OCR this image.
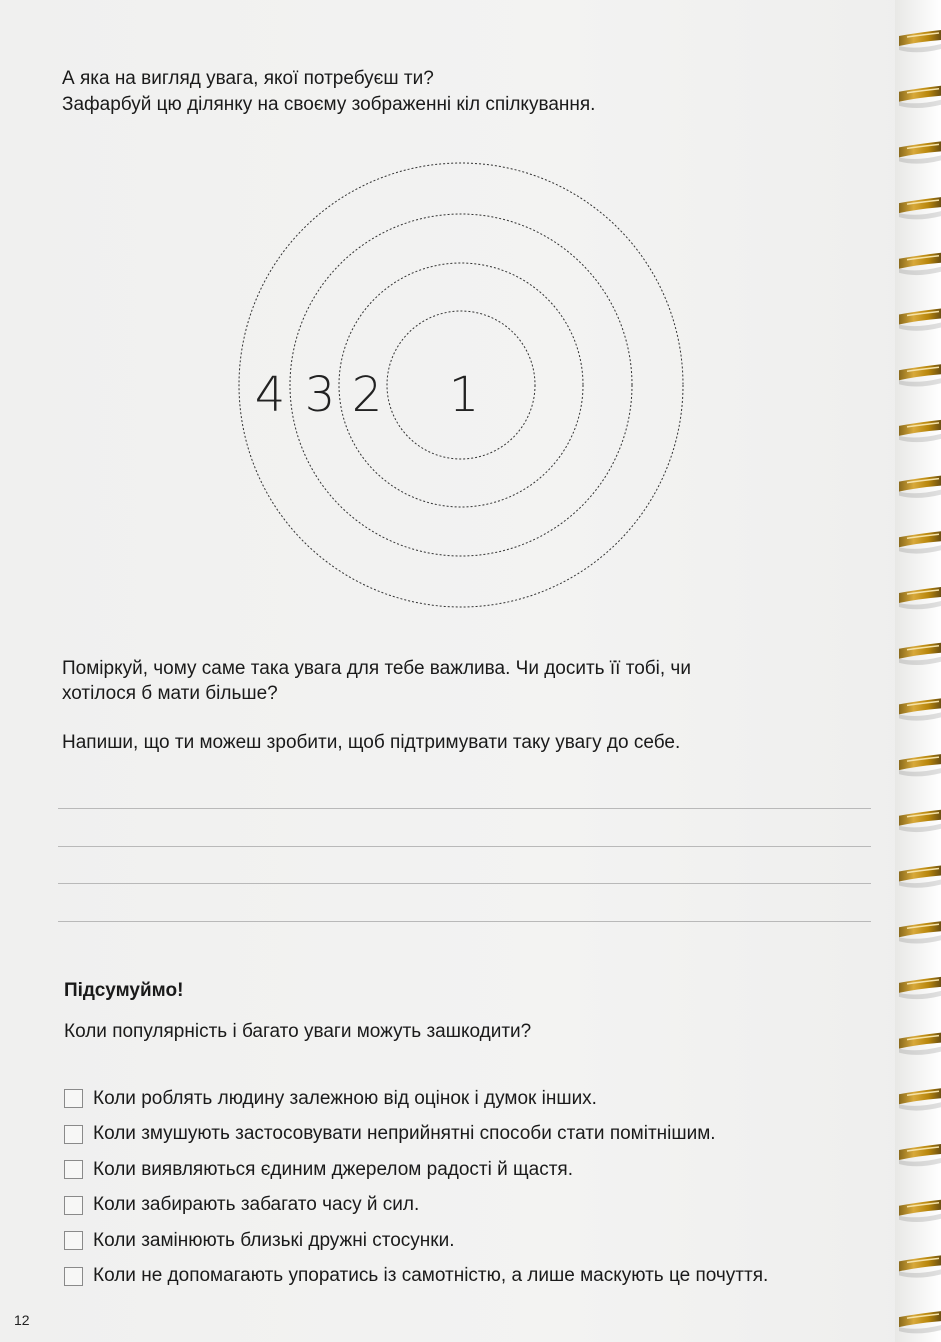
А яка на вигляд увага, якої потребуєш ти?
Зафарбуй цю ділянку на своєму зображенні кіл спілкування.
1
2
3
4

Поміркуй, чому саме така увага для тебе важлива. Чи досить її тобі, чи хотілося б мати більше?

Напиши, що ти можеш зробити, щоб підтримувати таку увагу до себе.

Підсумуймо!
Коли популярність і багато уваги можуть зашкодити?
Коли роблять людину залежною від оцінок і думок інших.
Коли змушують застосовувати неприйнятні способи стати помітнішим.
Коли виявляються єдиним джерелом радості й щастя.
Коли забирають забагато часу й сил.
Коли замінюють близькі дружні стосунки.
Коли не допомагають упоратись із самотністю, а лише маскують це почуття.
12
